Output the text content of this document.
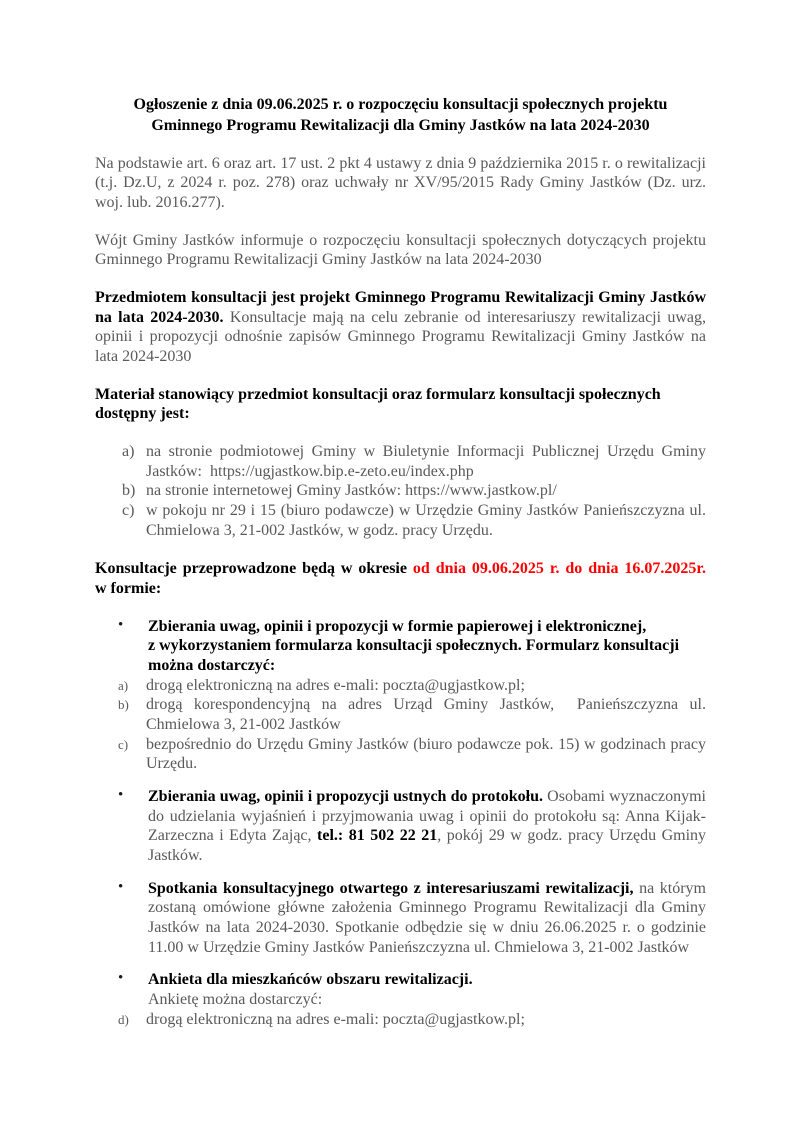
Ogłoszenie z dnia 09.06.2025 r. o rozpoczęciu konsultacji społecznych projektu
Gminnego Programu Rewitalizacji dla Gminy Jastków na lata 2024-2030

Na podstawie art. 6 oraz art. 17 ust. 2 pkt 4 ustawy z dnia 9 października 2015 r. o rewitalizacji (t.j. Dz.U, z 2024 r. poz. 278) oraz uchwały nr XV/95/2015 Rady Gminy Jastków (Dz. urz. woj. lub. 2016.277).

Wójt Gminy Jastków informuje o rozpoczęciu konsultacji społecznych dotyczących projektu Gminnego Programu Rewitalizacji Gminy Jastków na lata 2024-2030

Przedmiotem konsultacji jest projekt Gminnego Programu Rewitalizacji Gminy Jastków na lata 2024-2030. Konsultacje mają na celu zebranie od interesariuszy rewitalizacji uwag, opinii i propozycji odnośnie zapisów Gminnego Programu Rewitalizacji Gminy Jastków na lata 2024-2030

Materiał stanowiący przedmiot konsultacji oraz formularz konsultacji społecznych dostępny jest:

a) na stronie podmiotowej Gminy w Biuletynie Informacji Publicznej Urzędu Gminy Jastków:  https://ugjastkow.bip.e-zeto.eu/index.php
b) na stronie internetowej Gminy Jastków: https://www.jastkow.pl/
c) w pokoju nr 29 i 15 (biuro podawcze) w Urzędzie Gminy Jastków Panieńszczyzna ul. Chmielowa 3, 21-002 Jastków, w godz. pracy Urzędu.

Konsultacje przeprowadzone będą w okresie od dnia 09.06.2025 r. do dnia 16.07.2025r.
w formie:

• Zbierania uwag, opinii i propozycji w formie papierowej i elektronicznej,
z wykorzystaniem formularza konsultacji społecznych. Formularz konsultacji
można dostarczyć:
a) drogą elektroniczną na adres e-mali: poczta@ugjastkow.pl;
b) drogą korespondencyjną na adres Urząd Gminy Jastków,  Panieńszczyzna ul. Chmielowa 3, 21-002 Jastków
c) bezpośrednio do Urzędu Gminy Jastków (biuro podawcze pok. 15) w godzinach pracy Urzędu.
• Zbierania uwag, opinii i propozycji ustnych do protokołu. Osobami wyznaczonymi do udzielania wyjaśnień i przyjmowania uwag i opinii do protokołu są: Anna Kijak-Zarzeczna i Edyta Zając, tel.: 81 502 22 21, pokój 29 w godz. pracy Urzędu Gminy Jastków.
• Spotkania konsultacyjnego otwartego z interesariuszami rewitalizacji, na którym zostaną omówione główne założenia Gminnego Programu Rewitalizacji dla Gminy Jastków na lata 2024-2030. Spotkanie odbędzie się w dniu 26.06.2025 r. o godzinie 11.00 w Urzędzie Gminy Jastków Panieńszczyzna ul. Chmielowa 3, 21-002 Jastków
• Ankieta dla mieszkańców obszaru rewitalizacji.
Ankietę można dostarczyć:
d) drogą elektroniczną na adres e-mali: poczta@ugjastkow.pl;
